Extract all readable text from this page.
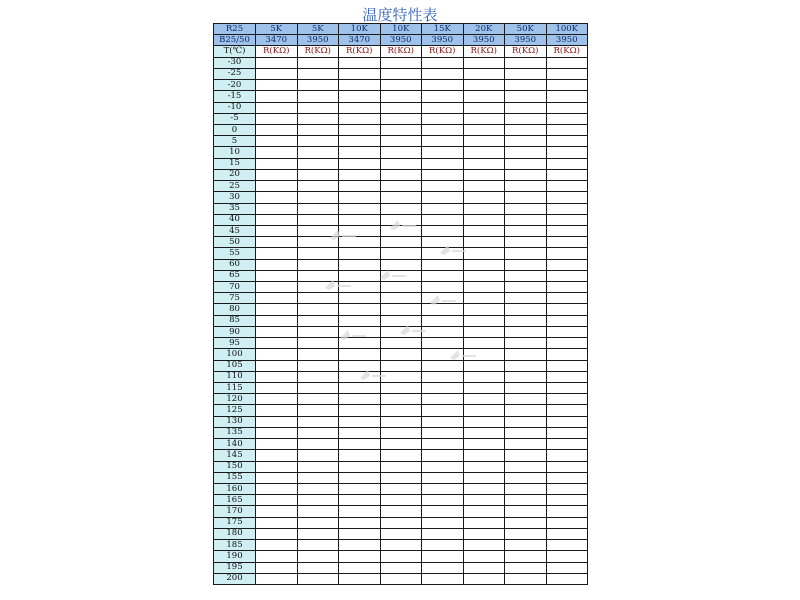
温度特性表
R25	5K	5K	10K	10K	15K	20K	50K	100K
B25/50	3470	3950	3470	3950	3950	3950	3950	3950
T(℃)	R(KΩ)	R(KΩ)	R(KΩ)	R(KΩ)	R(KΩ)	R(KΩ)	R(KΩ)	R(KΩ)
-30								
-25								
-20								
-15								
-10								
-5								
0								
5								
10								
15								
20								
25								
30								
35								
40								
45								
50								
55								
60								
65								
70								
75								
80								
85								
90								
95								
100								
105								
110								
115								
120								
125								
130								
135								
140								
145								
150								
155								
160								
165								
170								
175								
180								
185								
190								
195								
200								
